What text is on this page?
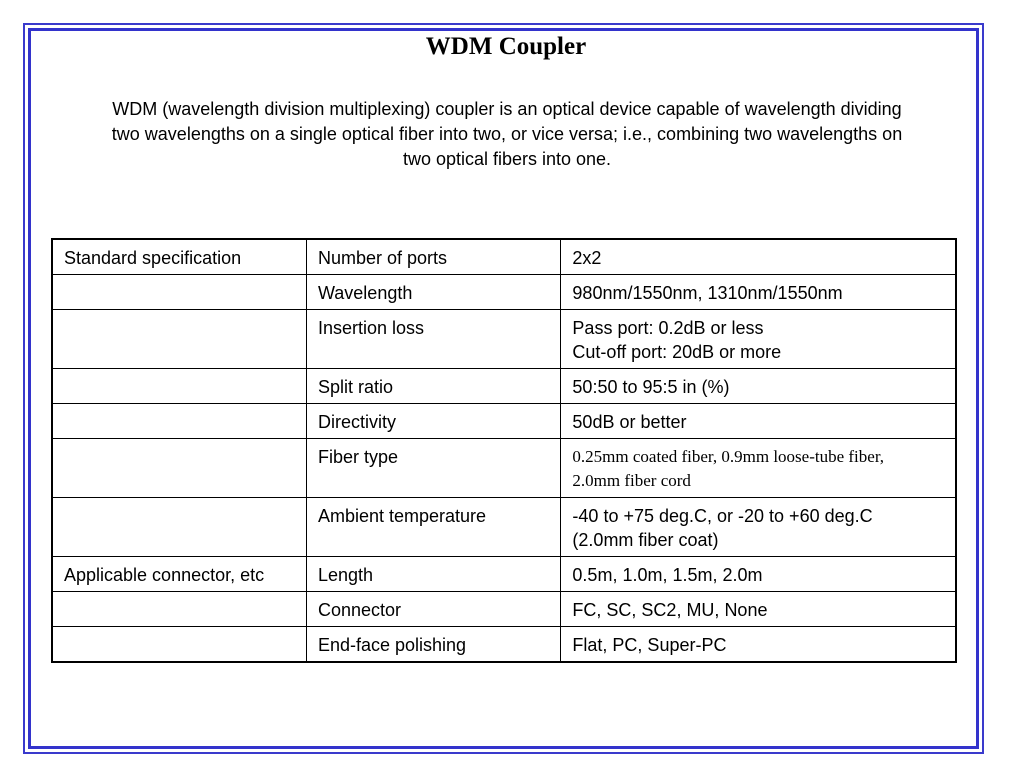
WDM Coupler
WDM (wavelength division multiplexing) coupler is an optical device capable of wavelength dividing two wavelengths on a single optical fiber into two, or vice versa; i.e., combining two wavelengths on two optical fibers into one.
Standard specification	Number of ports	2x2

	Wavelength	980nm/1550nm, 1310nm/1550nm

	Insertion loss	Pass port: 0.2dB or less
Cut-off port: 20dB or more

	Split ratio	50:50 to 95:5 in (%)

	Directivity	50dB or better

	Fiber type	0.25mm coated fiber, 0.9mm loose-tube fiber,
2.0mm fiber cord

	Ambient temperature	-40 to +75 deg.C, or -20 to +60 deg.C
(2.0mm fiber coat)

Applicable connector, etc	Length	0.5m, 1.0m, 1.5m, 2.0m

	Connector	FC, SC, SC2, MU, None

	End-face polishing	Flat, PC, Super-PC
